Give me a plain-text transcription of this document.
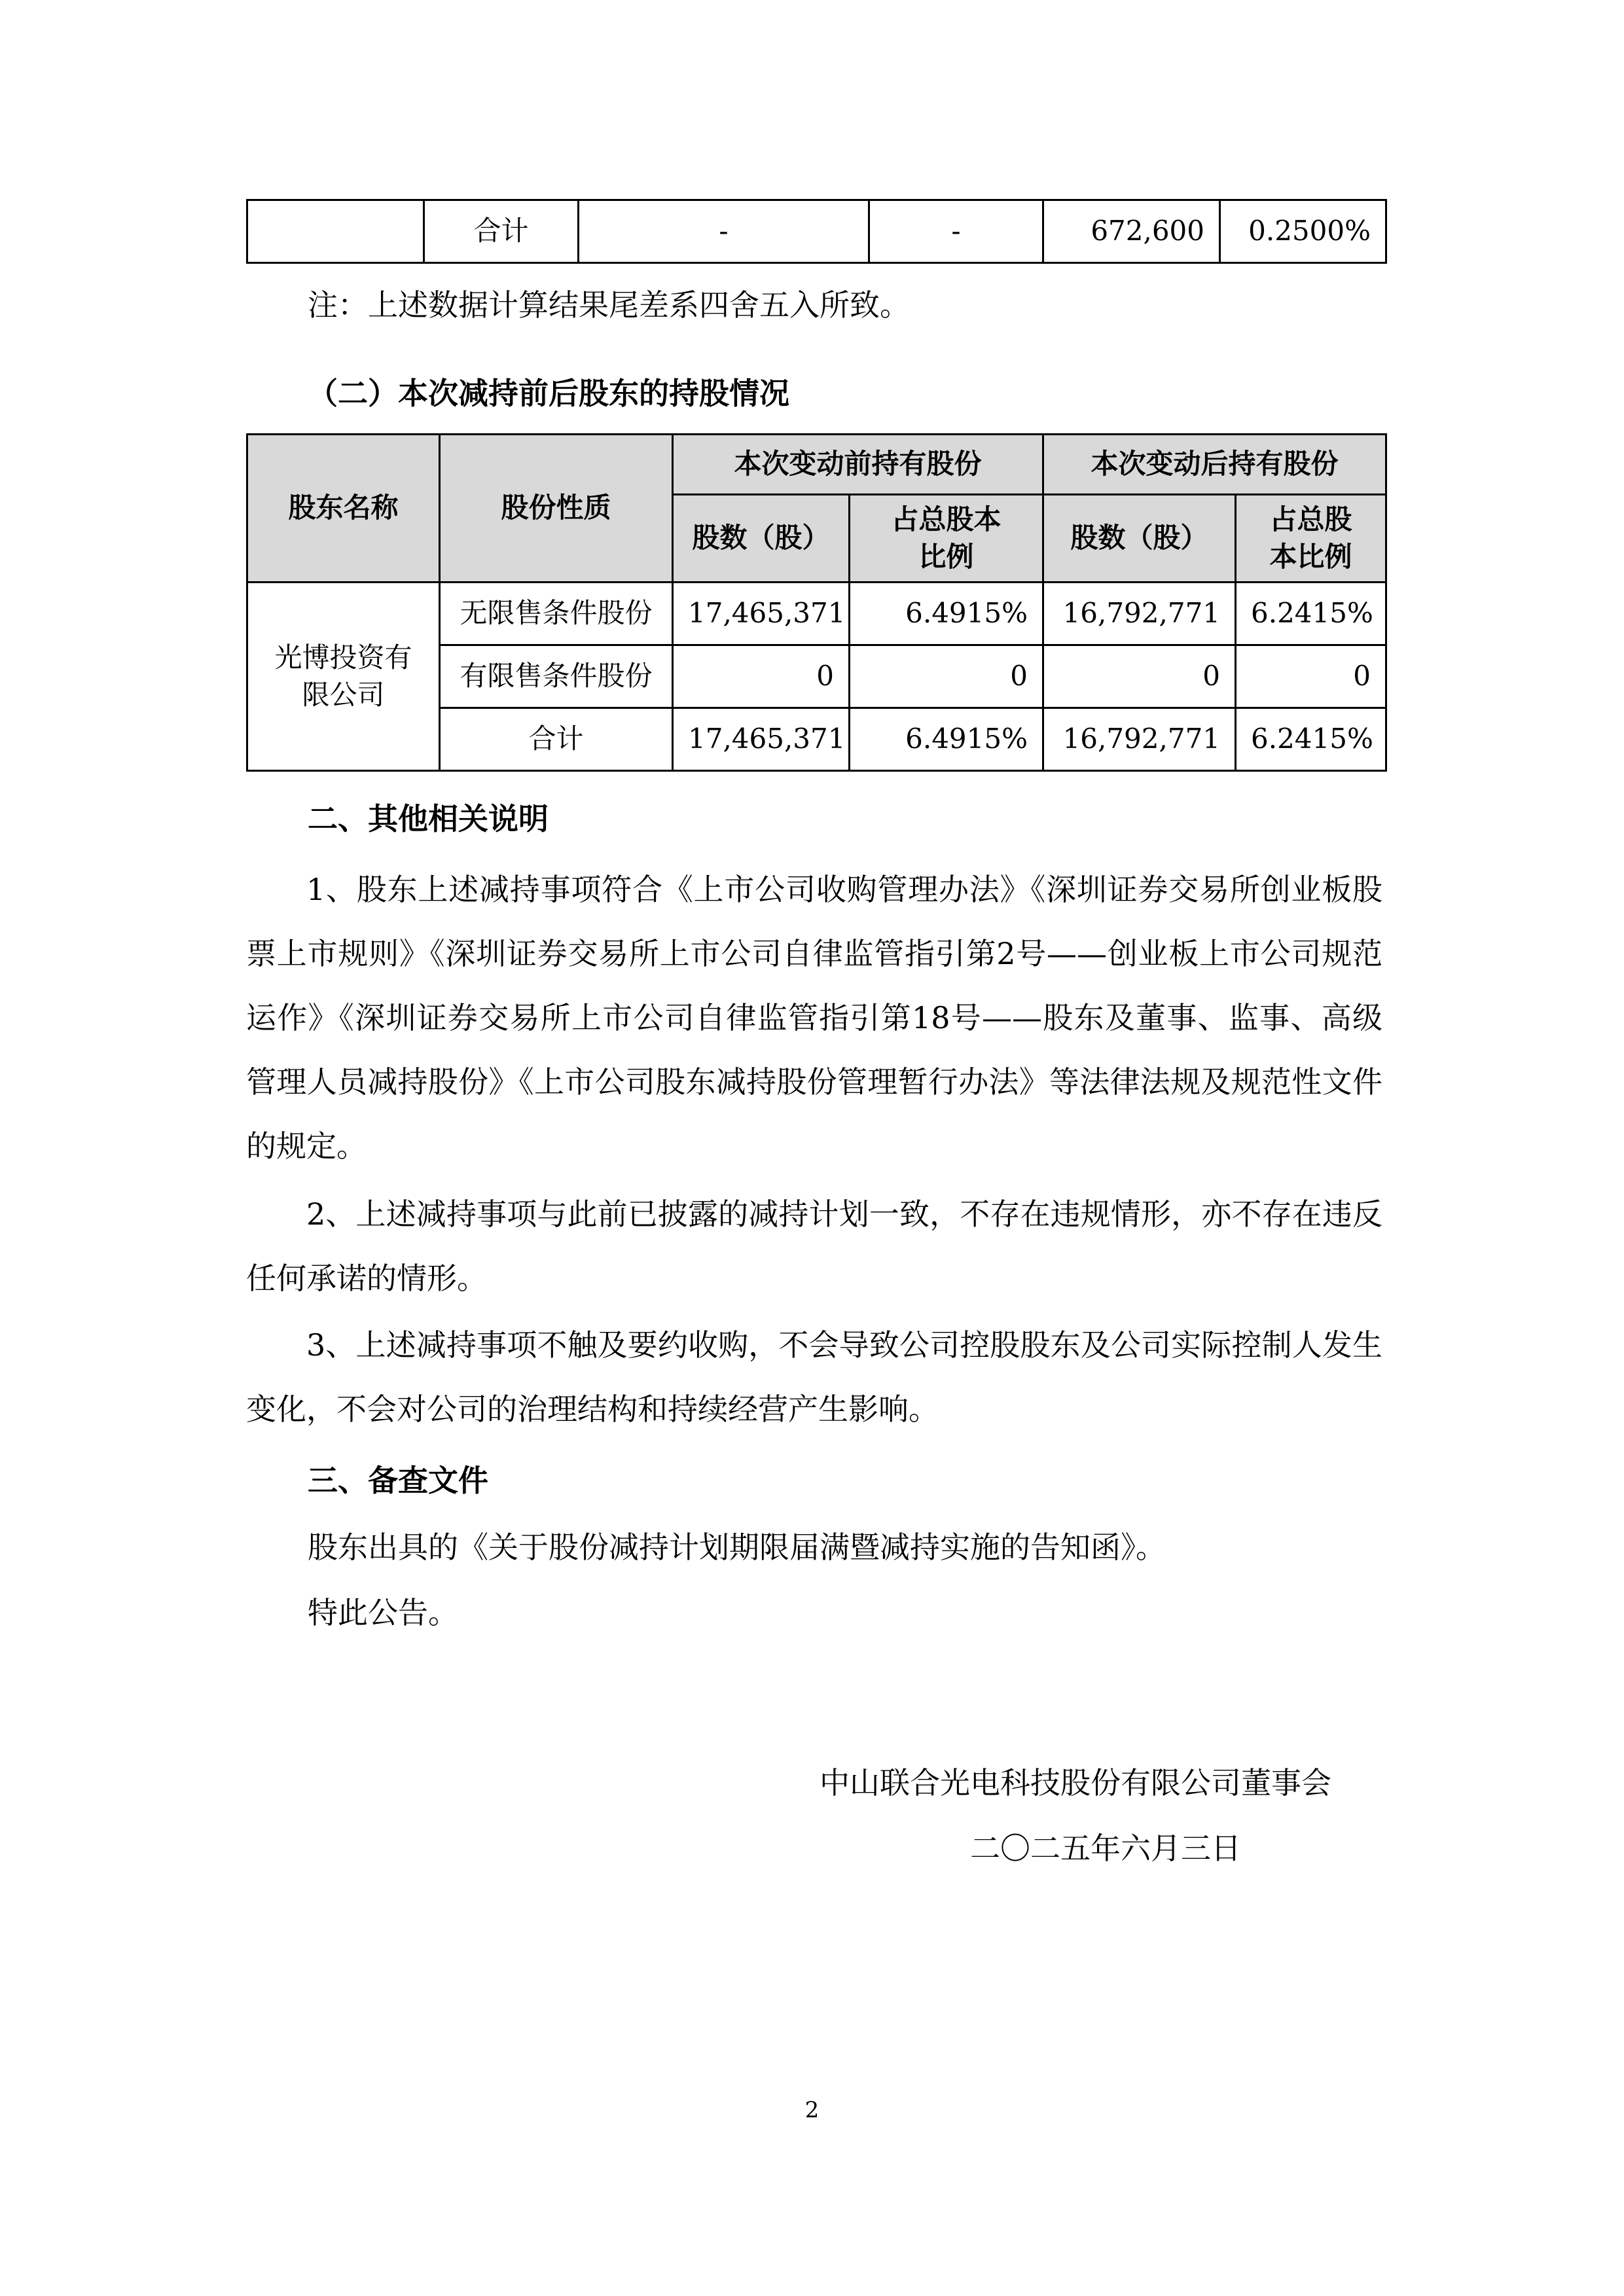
	合计	-	-	672,600	0.2500%
注：上述数据计算结果尾差系四舍五入所致。
（二）本次减持前后股东的持股情况
股东名称	股份性质	本次变动前持有股份		本次变动后持有股份	
		股数（股）	占总股本比例	股数（股）	占总股本比例
光博投资有限公司	无限售条件股份	17,465,371	6.4915%	16,792,771	6.2415%
	有限售条件股份	0	0	0	0
	合计	17,465,371	6.4915%	16,792,771	6.2415%
二、其他相关说明
1、股东上述减持事项符合《上市公司收购管理办法》《深圳证券交易所创业板股票上市规则》《深圳证券交易所上市公司自律监管指引第2号——创业板上市公司规范运作》《深圳证券交易所上市公司自律监管指引第18号——股东及董事、监事、高级管理人员减持股份》《上市公司股东减持股份管理暂行办法》等法律法规及规范性文件的规定。
2、上述减持事项与此前已披露的减持计划一致，不存在违规情形，亦不存在违反任何承诺的情形。
3、上述减持事项不触及要约收购，不会导致公司控股股东及公司实际控制人发生变化，不会对公司的治理结构和持续经营产生影响。
三、备查文件
股东出具的《关于股份减持计划期限届满暨减持实施的告知函》。
特此公告。
中山联合光电科技股份有限公司董事会
二〇二五年六月三日
2
